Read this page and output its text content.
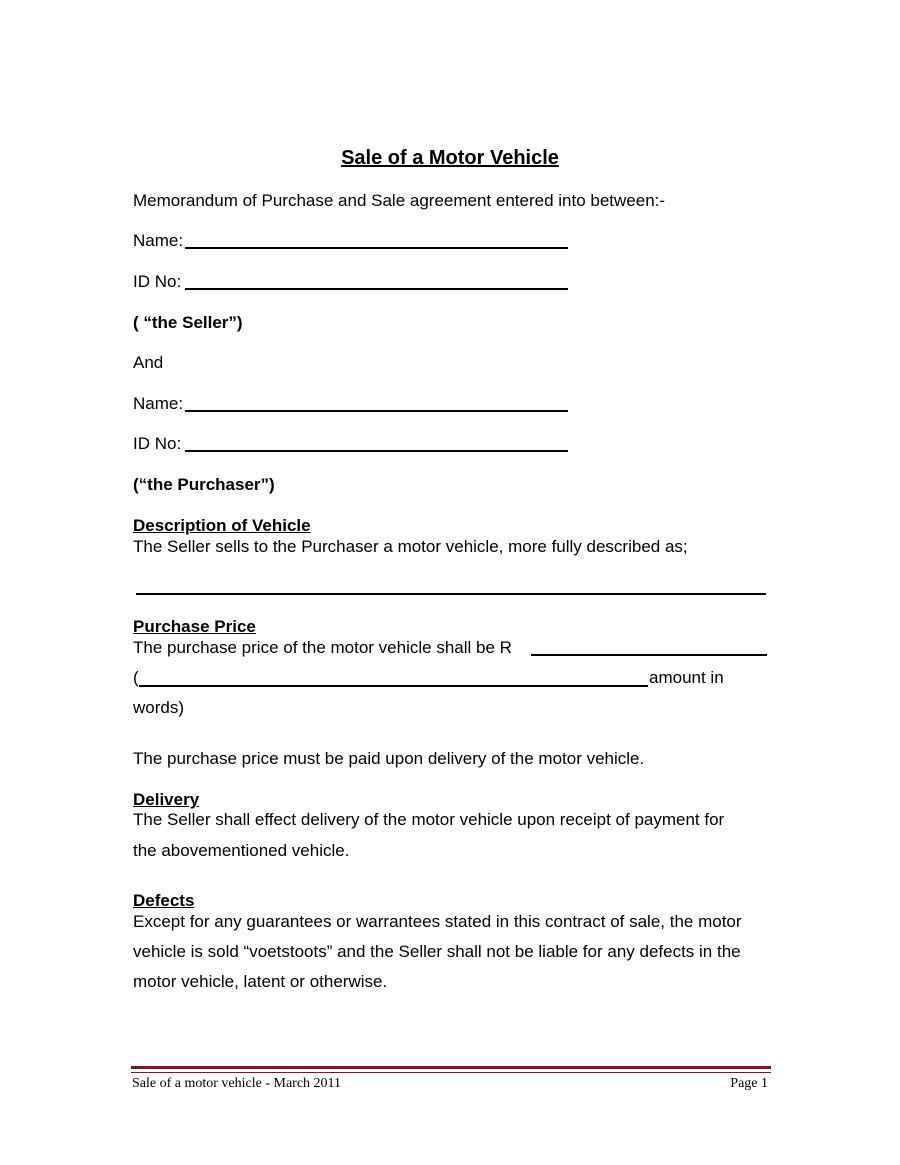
Sale of a Motor Vehicle
Memorandum of Purchase and Sale agreement entered into between:-
Name:
ID No:
( “the Seller”)
And
Name:
ID No:
(“the Purchaser”)
Description of Vehicle
The Seller sells to the Purchaser a motor vehicle, more fully described as;
Purchase Price
The purchase price of the motor vehicle shall be R
(	amount in
words)
The purchase price must be paid upon delivery of the motor vehicle.
Delivery
The Seller shall effect delivery of the motor vehicle upon receipt of payment for
the abovementioned vehicle.
Defects
Except for any guarantees or warrantees stated in this contract of sale, the motor
vehicle is sold “voetstoots” and the Seller shall not be liable for any defects in the
motor vehicle, latent or otherwise.
Sale of a motor vehicle - March 2011	Page 1
